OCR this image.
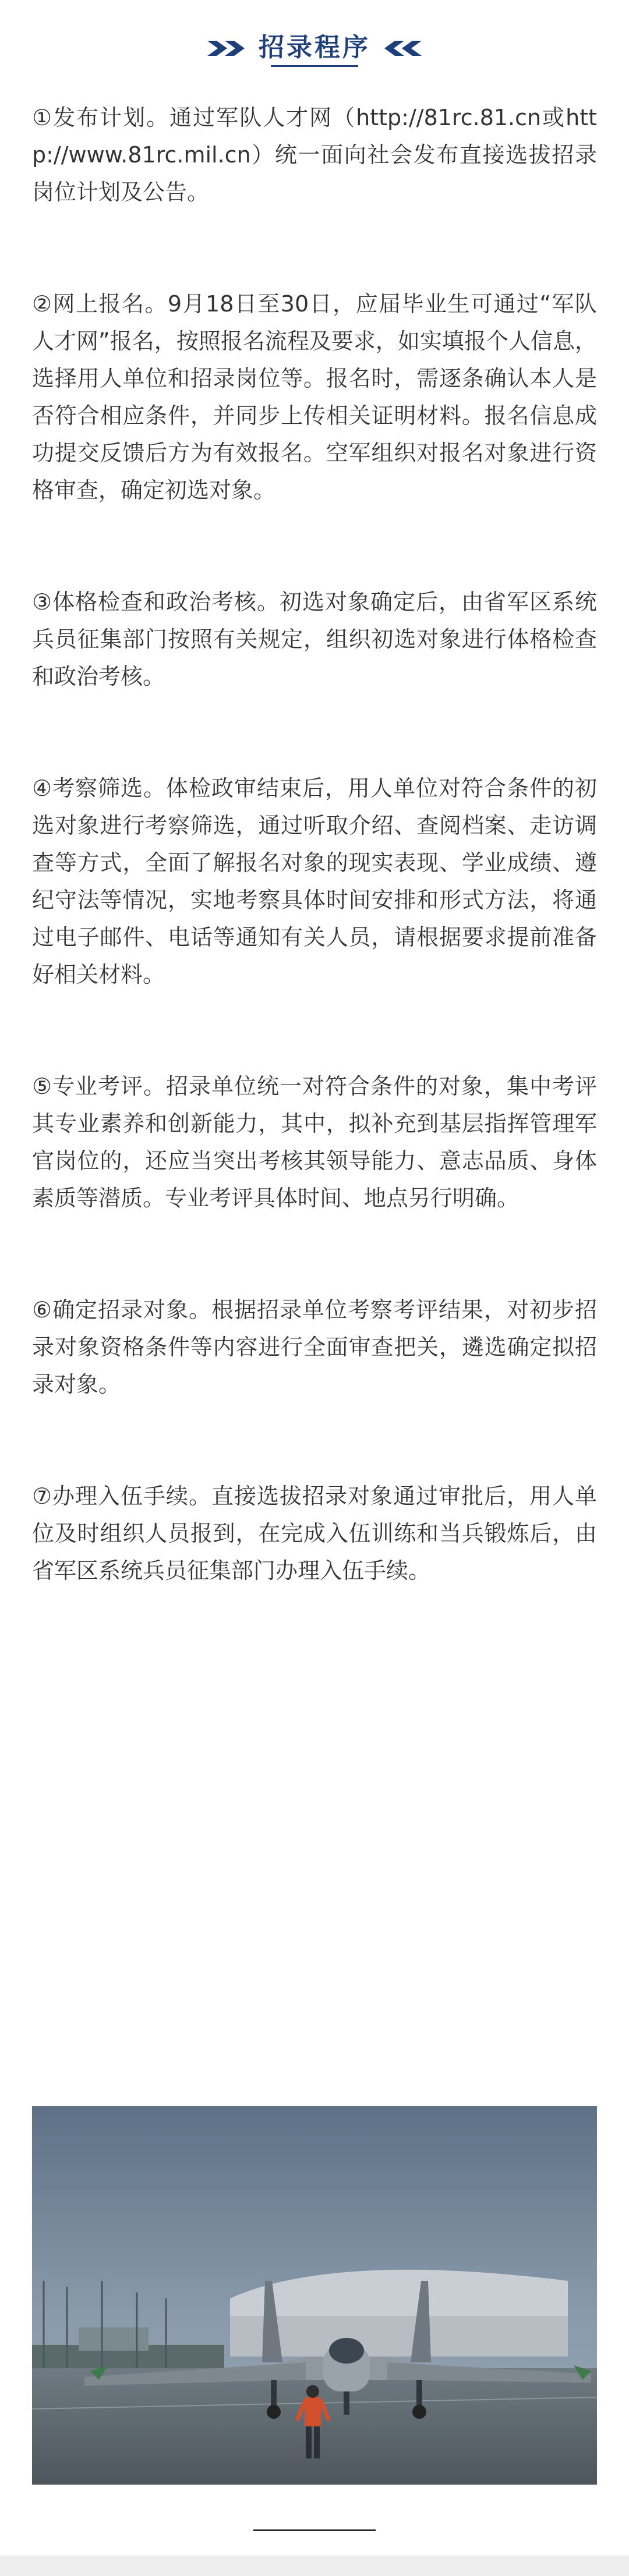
招录程序

①发布计划。通过军队人才网（http://81rc.81.cn或http://www.81rc.mil.cn）统一面向社会发布直接选拔招录岗位计划及公告。

②网上报名。9月18日至30日，应届毕业生可通过“军队人才网”报名，按照报名流程及要求，如实填报个人信息，选择用人单位和招录岗位等。报名时，需逐条确认本人是否符合相应条件，并同步上传相关证明材料。报名信息成功提交反馈后方为有效报名。空军组织对报名对象进行资格审查，确定初选对象。

③体格检查和政治考核。初选对象确定后，由省军区系统兵员征集部门按照有关规定，组织初选对象进行体格检查和政治考核。

④考察筛选。体检政审结束后，用人单位对符合条件的初选对象进行考察筛选，通过听取介绍、查阅档案、走访调查等方式，全面了解报名对象的现实表现、学业成绩、遵纪守法等情况，实地考察具体时间安排和形式方法，将通过电子邮件、电话等通知有关人员，请根据要求提前准备好相关材料。

⑤专业考评。招录单位统一对符合条件的对象，集中考评其专业素养和创新能力，其中，拟补充到基层指挥管理军官岗位的，还应当突出考核其领导能力、意志品质、身体素质等潜质。专业考评具体时间、地点另行明确。

⑥确定招录对象。根据招录单位考察考评结果，对初步招录对象资格条件等内容进行全面审查把关，遴选确定拟招录对象。

⑦办理入伍手续。直接选拔招录对象通过审批后，用人单位及时组织人员报到，在完成入伍训练和当兵锻炼后，由省军区系统兵员征集部门办理入伍手续。
